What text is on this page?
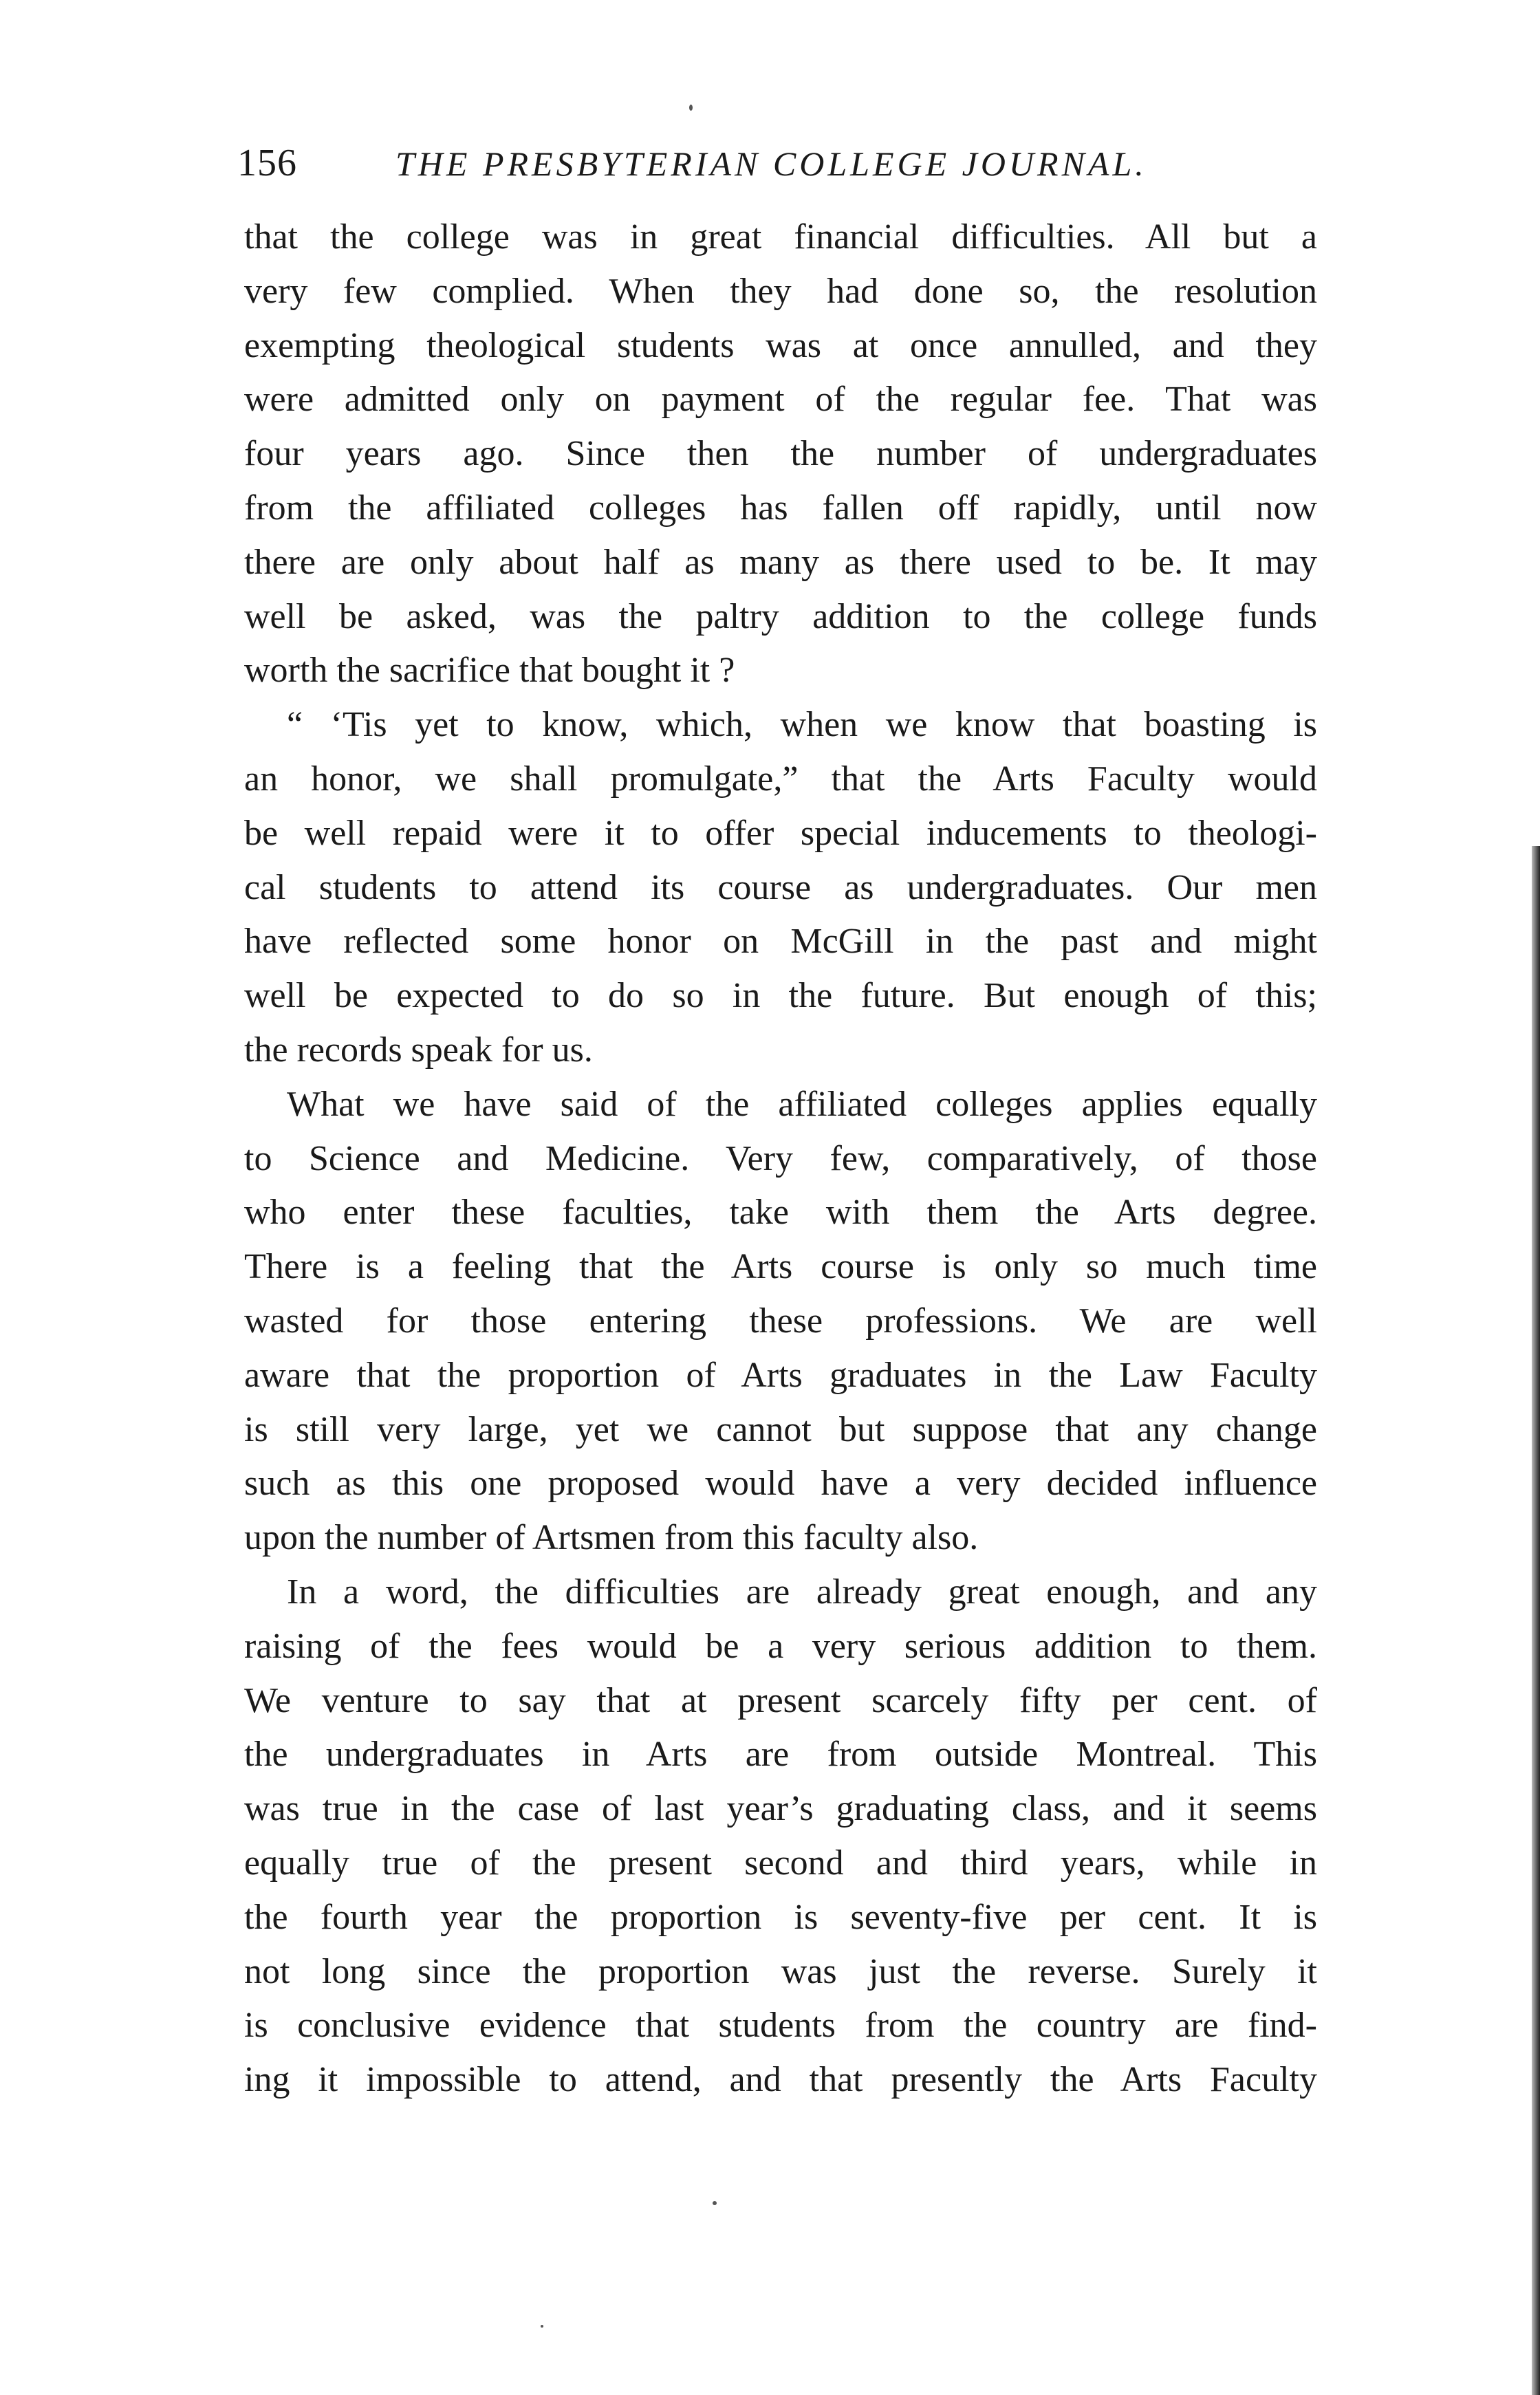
156	THE PRESBYTERIAN COLLEGE JOURNAL.
that the college was in great financial difficulties. All but a
very few complied. When they had done so, the resolution
exempting theological students was at once annulled, and they
were admitted only on payment of the regular fee. That was
four years ago. Since then the number of undergraduates
from the affiliated colleges has fallen off rapidly, until now
there are only about half as many as there used to be. It may
well be asked, was the paltry addition to the college funds
worth the sacrifice that bought it ?
“ ‘Tis yet to know, which, when we know that boasting is
an honor, we shall promulgate,” that the Arts Faculty would
be well repaid were it to offer special inducements to theologi-
cal students to attend its course as undergraduates. Our men
have reflected some honor on McGill in the past and might
well be expected to do so in the future. But enough of this;
the records speak for us.
What we have said of the affiliated colleges applies equally
to Science and Medicine. Very few, comparatively, of those
who enter these faculties, take with them the Arts degree.
There is a feeling that the Arts course is only so much time
wasted for those entering these professions. We are well
aware that the proportion of Arts graduates in the Law Faculty
is still very large, yet we cannot but suppose that any change
such as this one proposed would have a very decided influence
upon the number of Artsmen from this faculty also.
In a word, the difficulties are already great enough, and any
raising of the fees would be a very serious addition to them.
We venture to say that at present scarcely fifty per cent. of
the undergraduates in Arts are from outside Montreal. This
was true in the case of last year’s graduating class, and it seems
equally true of the present second and third years, while in
the fourth year the proportion is seventy-five per cent. It is
not long since the proportion was just the reverse. Surely it
is conclusive evidence that students from the country are find-
ing it impossible to attend, and that presently the Arts Faculty
